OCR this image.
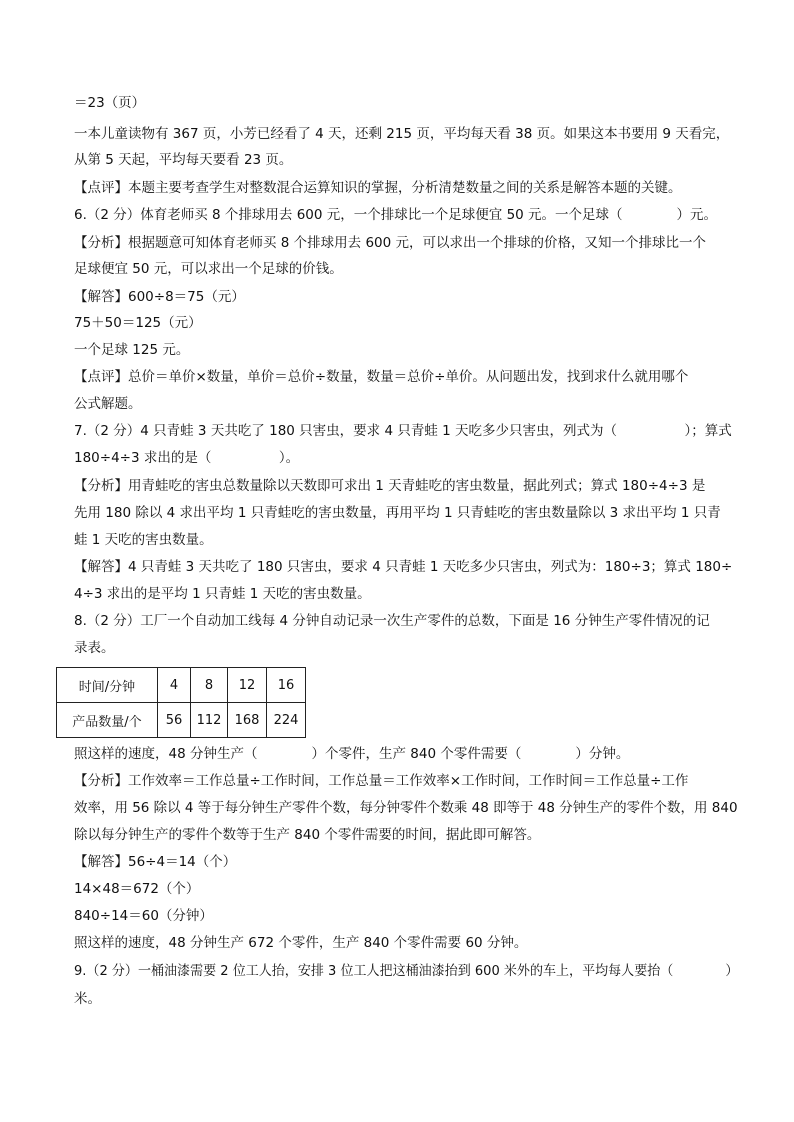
＝23（页）
一本儿童读物有 367 页，小芳已经看了 4 天，还剩 215 页，平均每天看 38 页。如果这本书要用 9 天看完，
从第 5 天起，平均每天要看 23 页。
【点评】本题主要考查学生对整数混合运算知识的掌握，分析清楚数量之间的关系是解答本题的关键。
6.（2 分）体育老师买 8 个排球用去 600 元，一个排球比一个足球便宜 50 元。一个足球（　　　　）元。
【分析】根据题意可知体育老师买 8 个排球用去 600 元，可以求出一个排球的价格，又知一个排球比一个
足球便宜 50 元，可以求出一个足球的价钱。
【解答】600÷8＝75（元）
75＋50＝125（元）
一个足球 125 元。
【点评】总价＝单价×数量，单价＝总价÷数量，数量＝总价÷单价。从问题出发，找到求什么就用哪个
公式解题。
7.（2 分）4 只青蛙 3 天共吃了 180 只害虫，要求 4 只青蛙 1 天吃多少只害虫，列式为（　　　　　）；算式
180÷4÷3 求出的是（　　　　　）。
【分析】用青蛙吃的害虫总数量除以天数即可求出 1 天青蛙吃的害虫数量，据此列式；算式 180÷4÷3 是
先用 180 除以 4 求出平均 1 只青蛙吃的害虫数量，再用平均 1 只青蛙吃的害虫数量除以 3 求出平均 1 只青
蛙 1 天吃的害虫数量。
【解答】4 只青蛙 3 天共吃了 180 只害虫，要求 4 只青蛙 1 天吃多少只害虫，列式为：180÷3；算式 180÷
4÷3 求出的是平均 1 只青蛙 1 天吃的害虫数量。
8.（2 分）工厂一个自动加工线每 4 分钟自动记录一次生产零件的总数，下面是 16 分钟生产零件情况的记
录表。
时间/分钟	4	8	12	16
产品数量/个	56	112	168	224
照这样的速度，48 分钟生产（　　　　）个零件，生产 840 个零件需要（　　　　）分钟。
【分析】工作效率＝工作总量÷工作时间，工作总量＝工作效率×工作时间，工作时间＝工作总量÷工作
效率，用 56 除以 4 等于每分钟生产零件个数，每分钟零件个数乘 48 即等于 48 分钟生产的零件个数，用 840
除以每分钟生产的零件个数等于生产 840 个零件需要的时间，据此即可解答。
【解答】56÷4＝14（个）
14×48＝672（个）
840÷14＝60（分钟）
照这样的速度，48 分钟生产 672 个零件，生产 840 个零件需要 60 分钟。
9.（2 分）一桶油漆需要 2 位工人抬，安排 3 位工人把这桶油漆抬到 600 米外的车上，平均每人要抬（　　　　）
米。
